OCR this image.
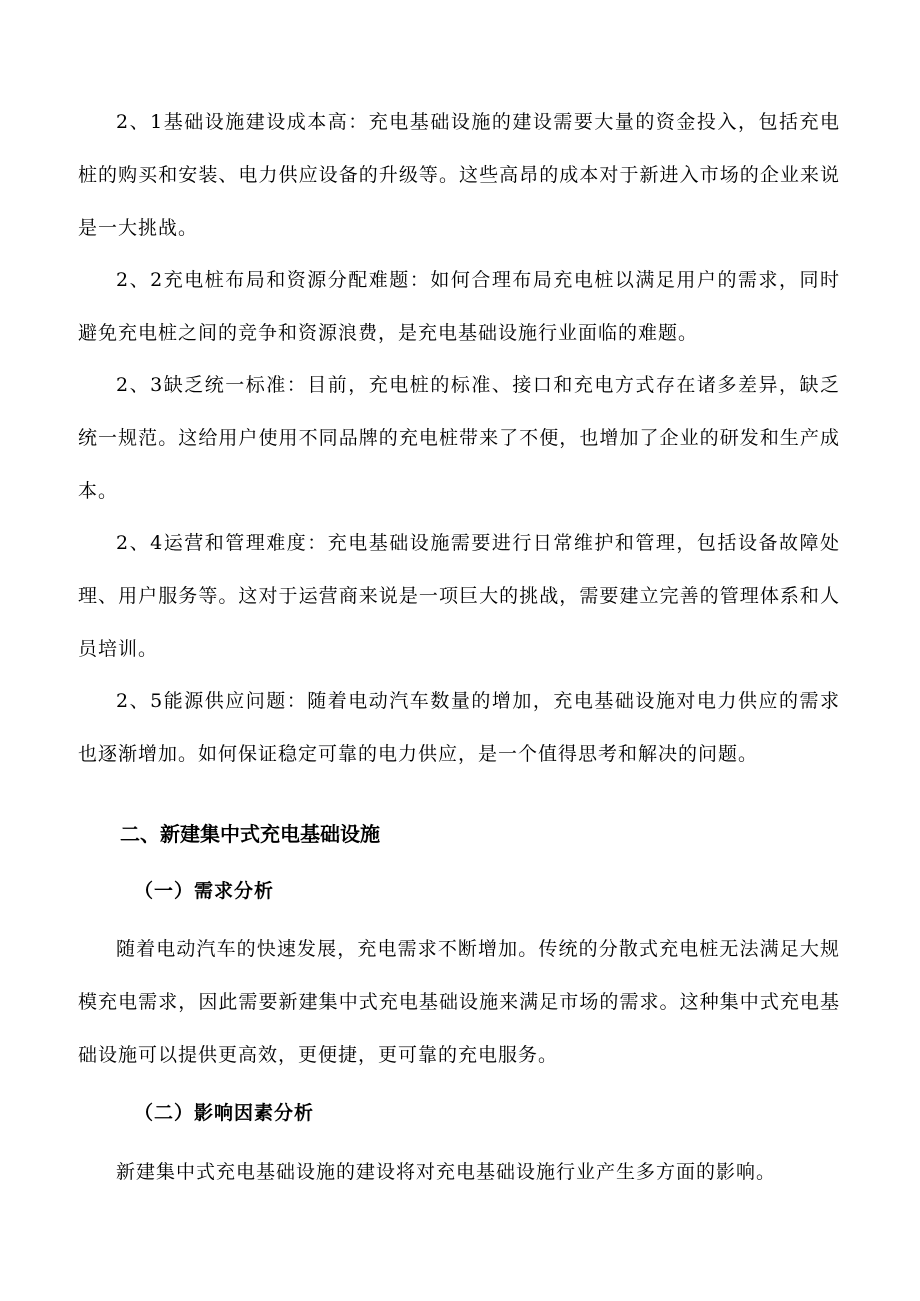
2、1基础设施建设成本高：充电基础设施的建设需要大量的资金投入，包括充电桩的购买和安装、电力供应设备的升级等。这些高昂的成本对于新进入市场的企业来说是一大挑战。

2、2充电桩布局和资源分配难题：如何合理布局充电桩以满足用户的需求，同时避免充电桩之间的竞争和资源浪费，是充电基础设施行业面临的难题。

2、3缺乏统一标准：目前，充电桩的标准、接口和充电方式存在诸多差异，缺乏统一规范。这给用户使用不同品牌的充电桩带来了不便，也增加了企业的研发和生产成本。

2、4运营和管理难度：充电基础设施需要进行日常维护和管理，包括设备故障处理、用户服务等。这对于运营商来说是一项巨大的挑战，需要建立完善的管理体系和人员培训。

2、5能源供应问题：随着电动汽车数量的增加，充电基础设施对电力供应的需求也逐渐增加。如何保证稳定可靠的电力供应，是一个值得思考和解决的问题。

二、新建集中式充电基础设施
（一）需求分析

随着电动汽车的快速发展，充电需求不断增加。传统的分散式充电桩无法满足大规模充电需求，因此需要新建集中式充电基础设施来满足市场的需求。这种集中式充电基础设施可以提供更高效，更便捷，更可靠的充电服务。

（二）影响因素分析

新建集中式充电基础设施的建设将对充电基础设施行业产生多方面的影响。
